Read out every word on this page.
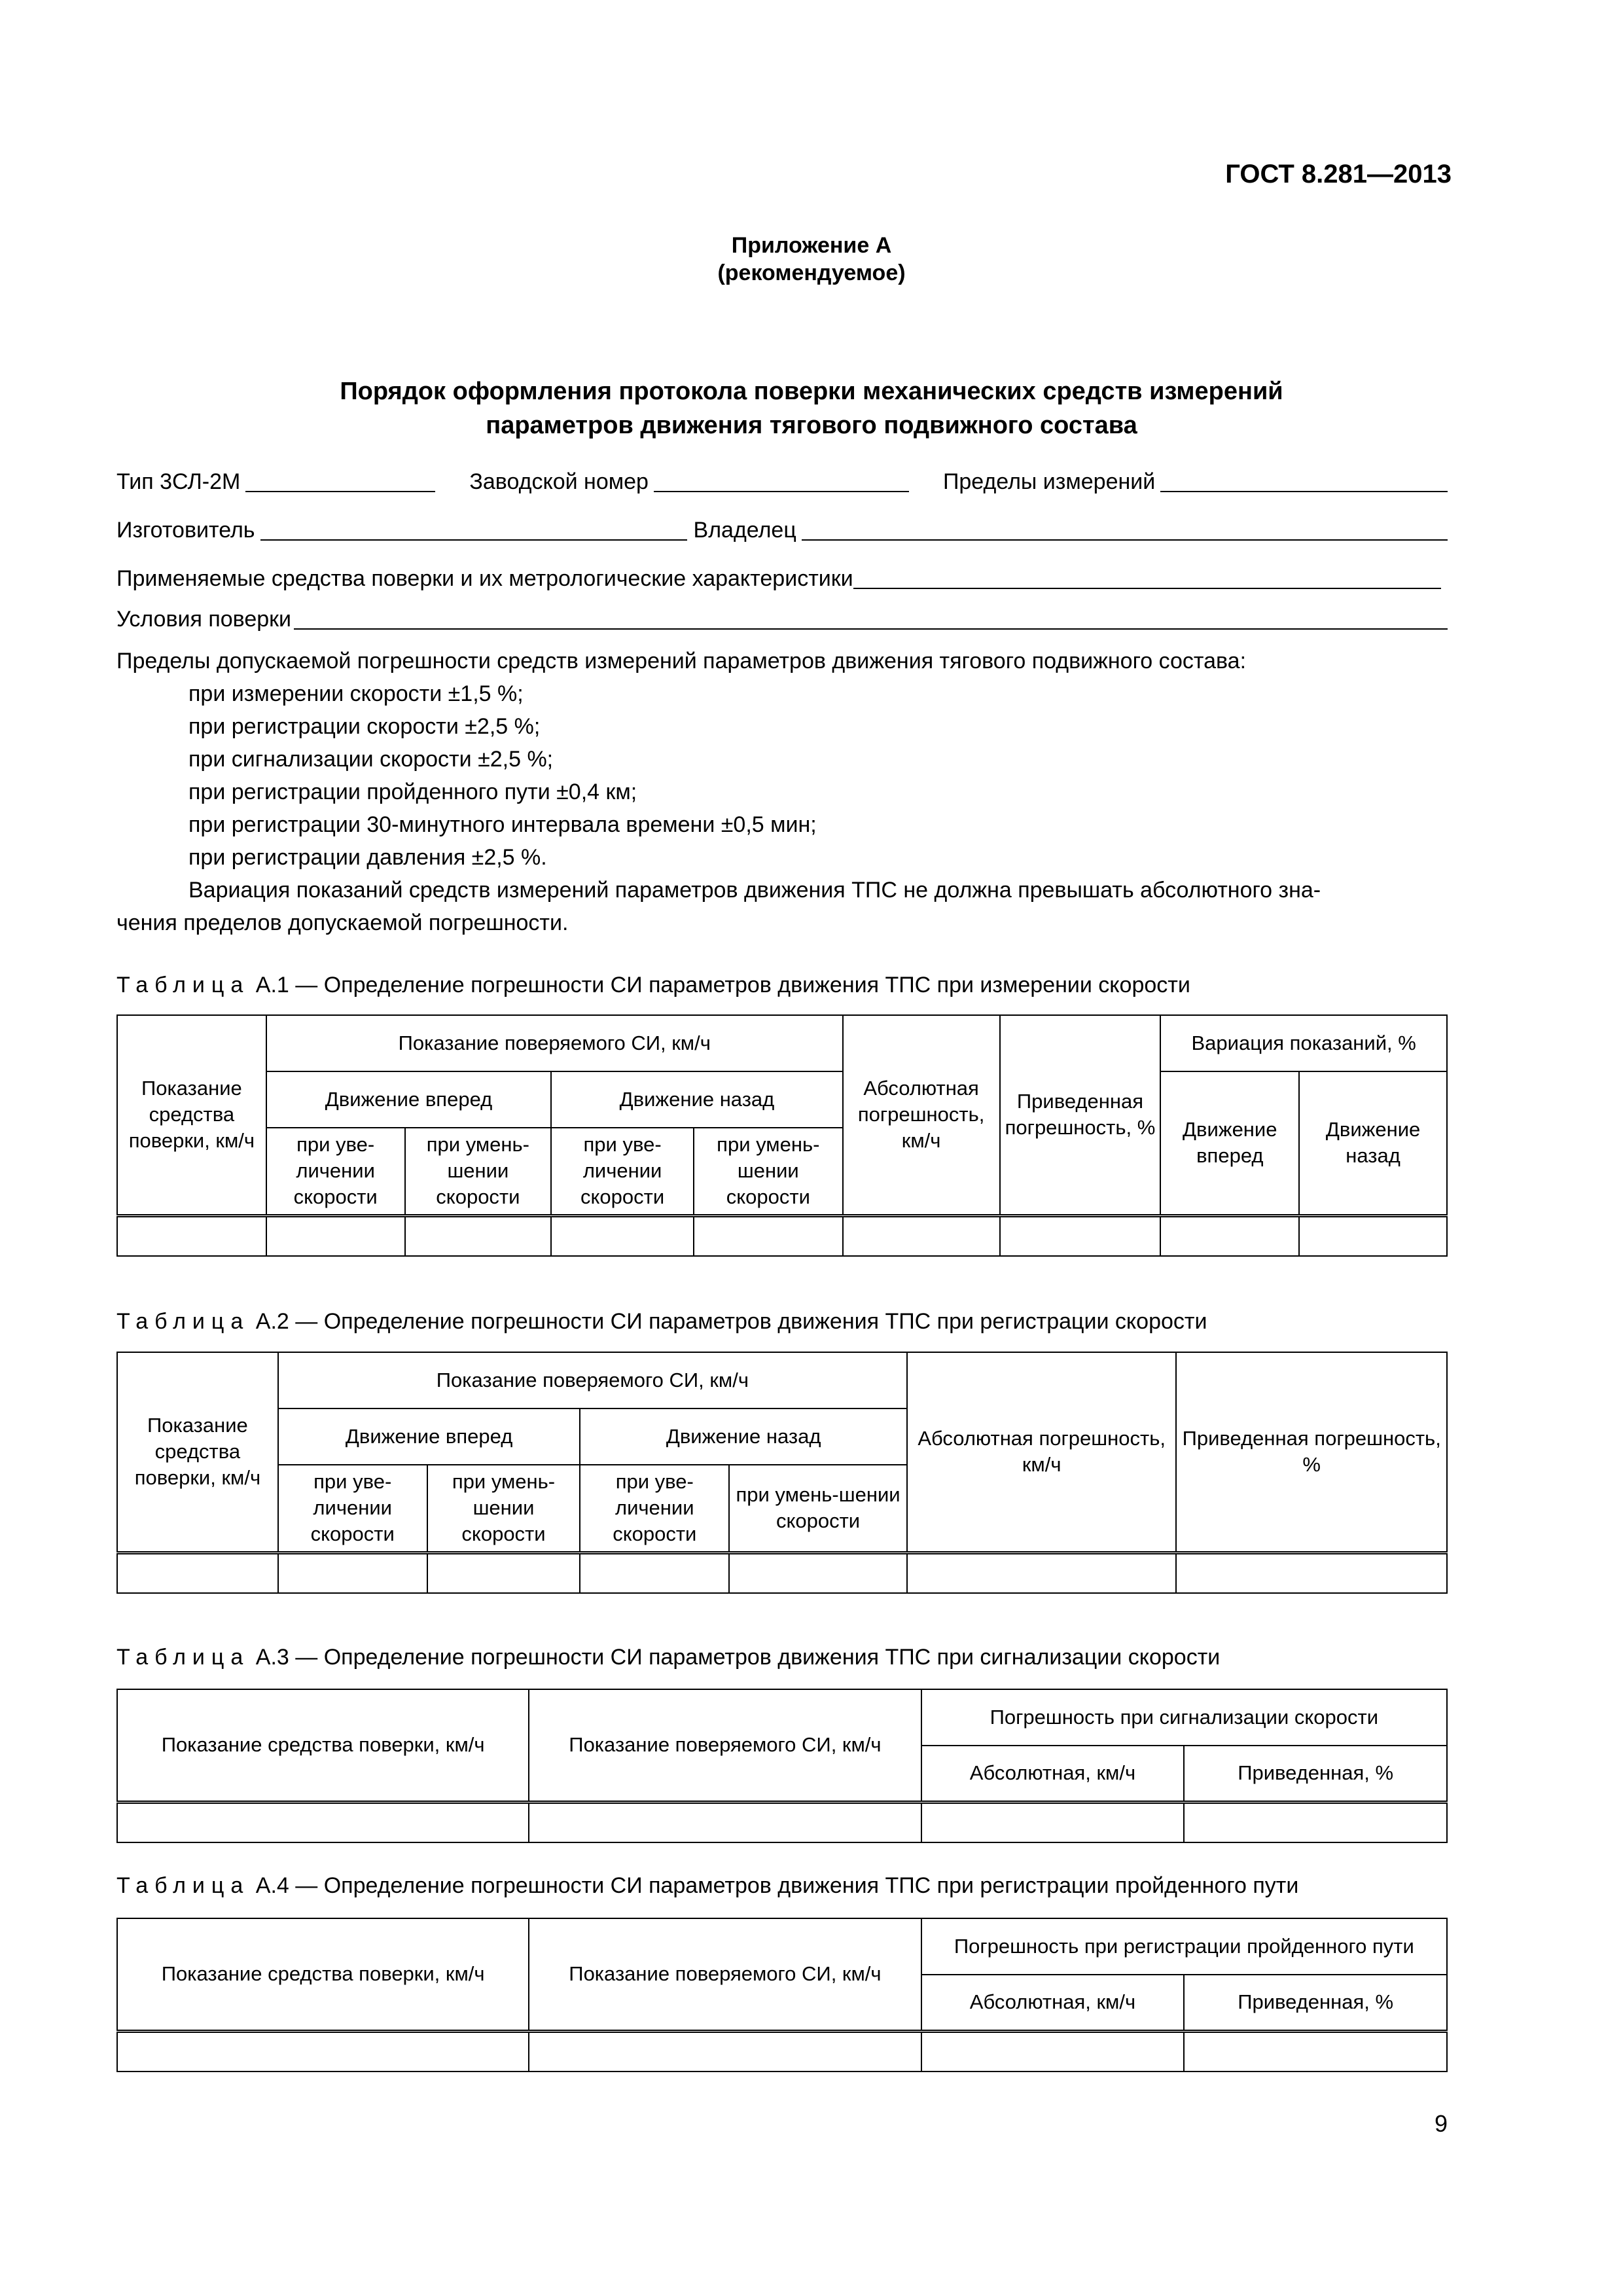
ГОСТ 8.281—2013
Приложение А
(рекомендуемое)
Порядок оформления протокола поверки механических средств измерений
параметров движения тягового подвижного состава
Тип 3СЛ-2М	Заводской номер	Пределы измерений
Изготовитель	Владелец
Применяемые средства поверки и их метрологические характеристики
Условия поверки
Пределы допускаемой погрешности средств измерений параметров движения тягового подвижного состава:
при измерении скорости ±1,5 %;
при регистрации скорости ±2,5 %;
при сигнализации скорости ±2,5 %;
при регистрации пройденного пути ±0,4 км;
при регистрации 30-минутного интервала времени ±0,5 мин;
при регистрации давления ±2,5 %.
Вариация показаний средств измерений параметров движения ТПС не должна превышать абсолютного зна-
чения пределов допускаемой погрешности.
Таблица А.1 — Определение погрешности СИ параметров движения ТПС при измерении скорости
Показание средства поверки, км/ч	Показание поверяемого СИ, км/ч				Абсолютная погрешность, км/ч	Приведенная погрешность, %	Вариация показаний, %	
	Движение вперед		Движение назад				Движение вперед	Движение назад
	при уве-личении скорости	при умень-шении скорости	при уве-личении скорости	при умень-шении скорости				

Таблица А.2 — Определение погрешности СИ параметров движения ТПС при регистрации скорости
Показание средства поверки, км/ч	Показание поверяемого СИ, км/ч				Абсолютная погрешность, км/ч	Приведенная погрешность, %
	Движение вперед		Движение назад			
	при уве-личении скорости	при умень-шении скорости	при уве-личении скорости	при умень-шении скорости		

Таблица А.3 — Определение погрешности СИ параметров движения ТПС при сигнализации скорости
Показание средства поверки, км/ч	Показание поверяемого СИ, км/ч	Погрешность при сигнализации скорости	
		Абсолютная, км/ч	Приведенная, %

Таблица А.4 — Определение погрешности СИ параметров движения ТПС при регистрации пройденного пути
Показание средства поверки, км/ч	Показание поверяемого СИ, км/ч	Погрешность при регистрации пройденного пути	
		Абсолютная, км/ч	Приведенная, %

9
